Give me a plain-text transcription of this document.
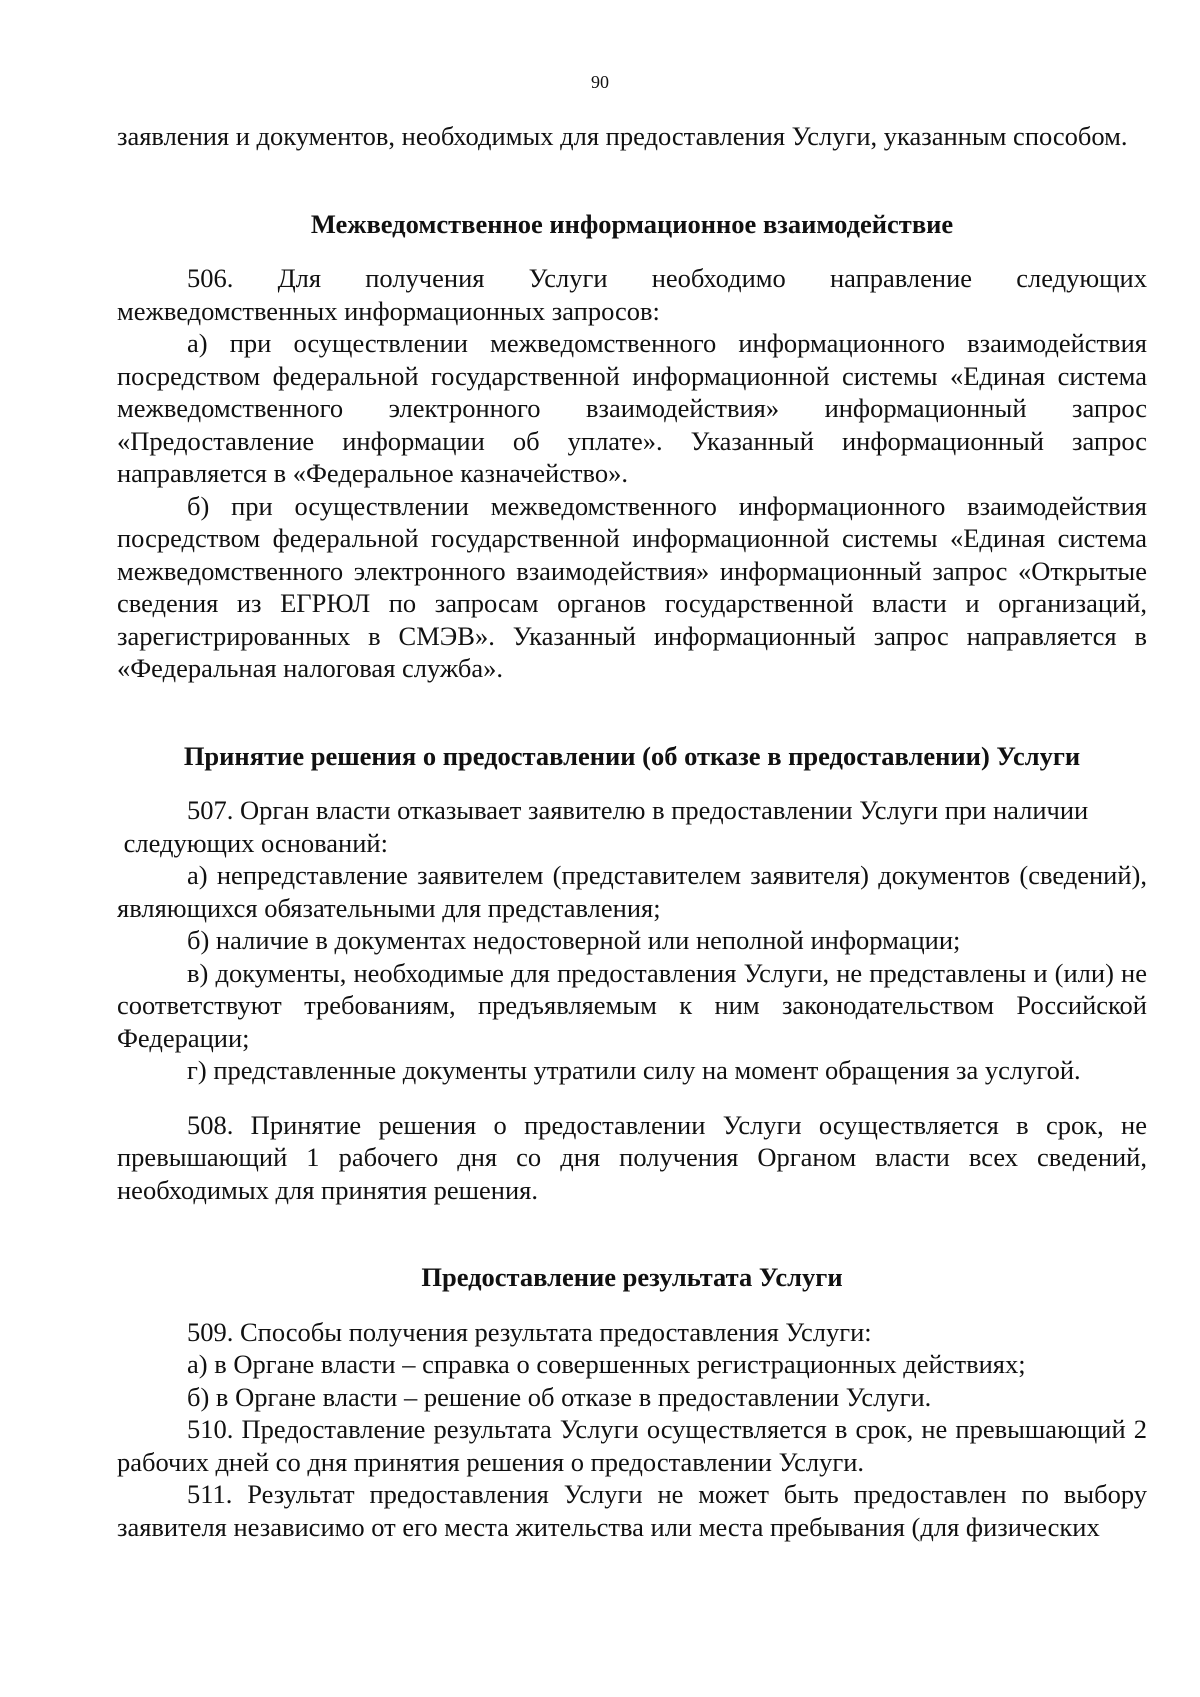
90

заявления и документов, необходимых для предоставления Услуги, указанным способом.

Межведомственное информационное взаимодействие

506. Для получения Услуги необходимо направление следующих межведомственных информационных запросов:

а) при осуществлении межведомственного информационного взаимодействия посредством федеральной государственной информационной системы «Единая система межведомственного электронного взаимодействия» информационный запрос «Предоставление информации об уплате». Указанный информационный запрос направляется в «Федеральное казначейство».

б) при осуществлении межведомственного информационного взаимодействия посредством федеральной государственной информационной системы «Единая система межведомственного электронного взаимодействия» информационный запрос «Открытые сведения из ЕГРЮЛ по запросам органов государственной власти и организаций, зарегистрированных в СМЭВ». Указанный информационный запрос направляется в «Федеральная налоговая служба».

Принятие решения о предоставлении (об отказе в предоставлении) Услуги

507. Орган власти отказывает заявителю в предоставлении Услуги при наличии

следующих оснований:

а) непредставление заявителем (представителем заявителя) документов (сведений), являющихся обязательными для представления;

б) наличие в документах недостоверной или неполной информации;

в) документы, необходимые для предоставления Услуги, не представлены и (или) не соответствуют требованиям, предъявляемым к ним законодательством Российской Федерации;

г) представленные документы утратили силу на момент обращения за услугой.

508. Принятие решения о предоставлении Услуги осуществляется в срок, не превышающий 1 рабочего дня со дня получения Органом власти всех сведений, необходимых для принятия решения.

Предоставление результата Услуги

509. Способы получения результата предоставления Услуги:

а) в Органе власти – справка о совершенных регистрационных действиях;

б) в Органе власти – решение об отказе в предоставлении Услуги.

510. Предоставление результата Услуги осуществляется в срок, не превышающий 2 рабочих дней со дня принятия решения о предоставлении Услуги.

511. Результат предоставления Услуги не может быть предоставлен по выбору заявителя независимо от его места жительства или места пребывания (для физических
